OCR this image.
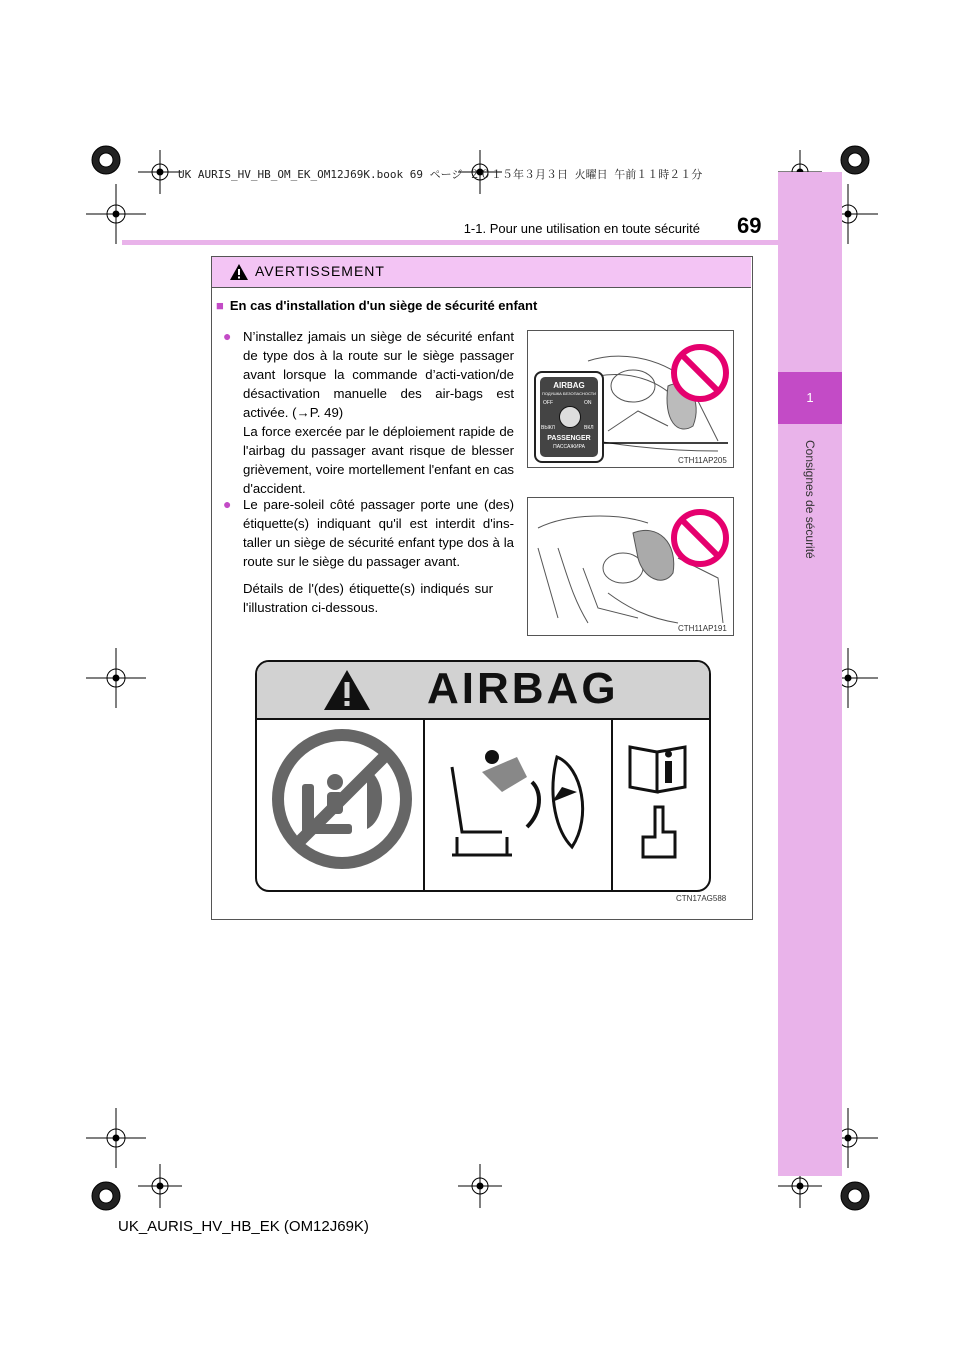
UK AURIS_HV_HB_OM_EK_OM12J69K.book 69 ページ ２０１５年３月３日 火曜日 午前１１時２１分
1
Consignes de sécurité
1-1. Pour une utilisation en toute sécurité 69
AVERTISSEMENT
■ En cas d'installation d'un siège de sécurité enfant
● N’installez jamais un siège de sécurité enfant de type dos à la route sur le siège passager avant lorsque la commande d’acti-vation/de désactivation manuelle des air-bags est activée. (→P. 49)
La force exercée par le déploiement rapide de l'airbag du passager avant risque de blesser grièvement, voire mortellement l'enfant en cas d'accident.
● Le pare-soleil côté passager porte une (des) étiquette(s) indiquant qu'il est interdit d'ins-taller un siège de sécurité enfant type dos à la route sur le siège du passager avant.
Détails de l'(des) étiquette(s) indiqués sur l'illustration ci-dessous.
AIRBAG
ПОДУШКА БЕЗОПАСНОСТИ
OFF	ON
ВЫКЛ	ВКЛ
PASSENGER
ПАССАЖИРА
CTH11AP205
CTH11AP191
AIRBAG
CTN17AG588
UK_AURIS_HV_HB_EK (OM12J69K)
